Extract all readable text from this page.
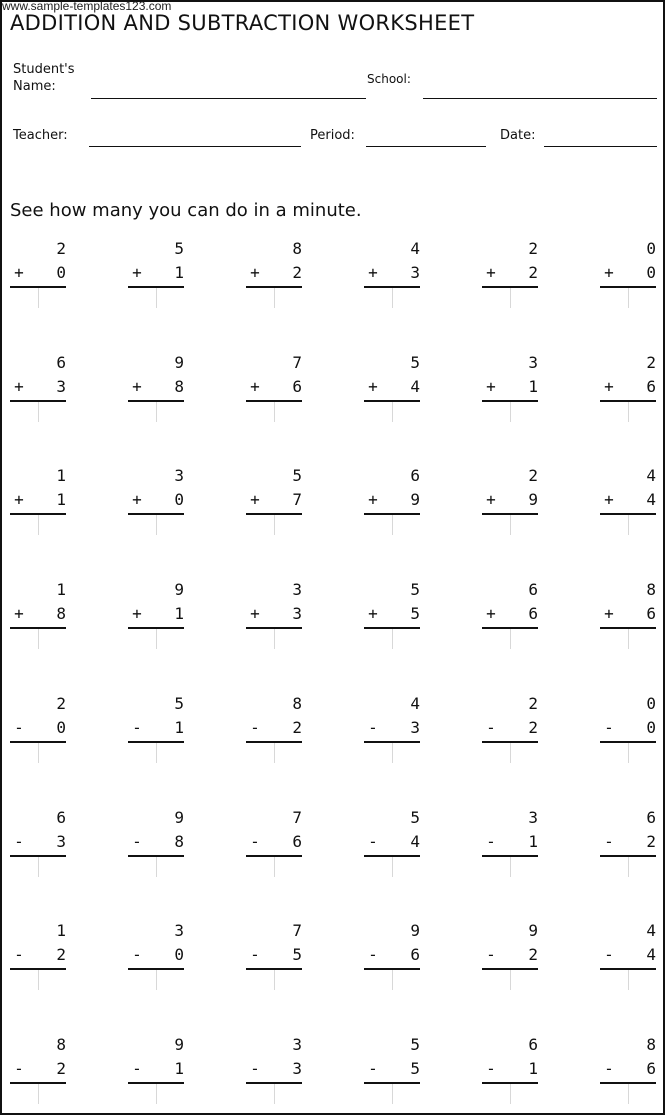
www.sample-templates123.com
ADDITION AND SUBTRACTION WORKSHEET
Student's
Name:	School:
Teacher:	Period:	Date:
See how many you can do in a minute.
2
+ 0
5
+ 1
8
+ 2
4
+ 3
2
+ 2
0
+ 0
6
+ 3
9
+ 8
7
+ 6
5
+ 4
3
+ 1
2
+ 6
1
+ 1
3
+ 0
5
+ 7
6
+ 9
2
+ 9
4
+ 4
1
+ 8
9
+ 1
3
+ 3
5
+ 5
6
+ 6
8
+ 6
2
- 0
5
- 1
8
- 2
4
- 3
2
- 2
0
- 0
6
- 3
9
- 8
7
- 6
5
- 4
3
- 1
6
- 2
1
- 2
3
- 0
7
- 5
9
- 6
9
- 2
4
- 4
8
- 2
9
- 1
3
- 3
5
- 5
6
- 1
8
- 6
